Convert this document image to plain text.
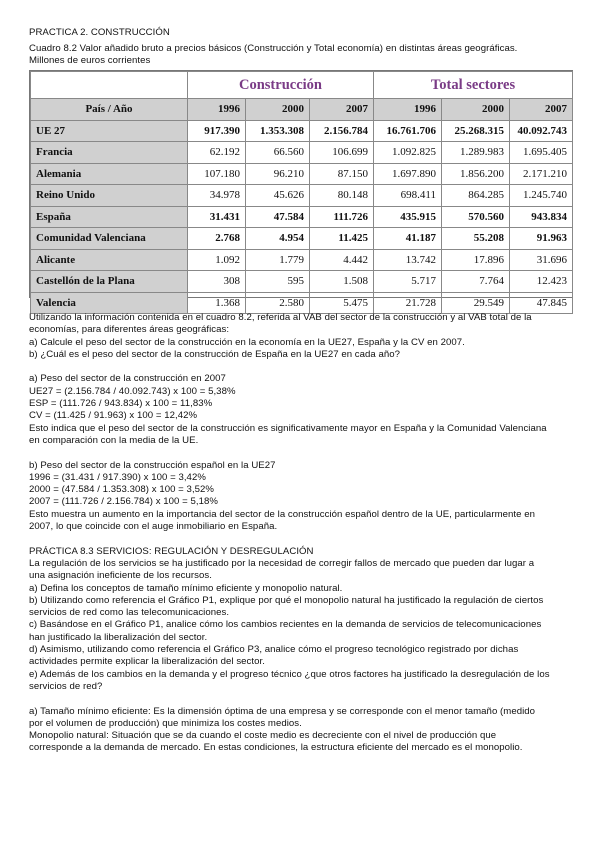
PRACTICA 2. CONSTRUCCIÓN
Cuadro 8.2 Valor añadido bruto a precios básicos (Construcción y Total economía) en distintas áreas geográficas.
Millones de euros corrientes
	Construcción			Total sectores		
País / Año	1996	2000	2007	1996	2000	2007
UE 27	917.390	1.353.308	2.156.784	16.761.706	25.268.315	40.092.743
Francia	62.192	66.560	106.699	1.092.825	1.289.983	1.695.405
Alemania	107.180	96.210	87.150	1.697.890	1.856.200	2.171.210
Reino Unido	34.978	45.626	80.148	698.411	864.285	1.245.740
España	31.431	47.584	111.726	435.915	570.560	943.834
Comunidad Valenciana	2.768	4.954	11.425	41.187	55.208	91.963
Alicante	1.092	1.779	4.442	13.742	17.896	31.696
Castellón de la Plana	308	595	1.508	5.717	7.764	12.423
Valencia	1.368	2.580	5.475	21.728	29.549	47.845
Utilizando la información contenida en el cuadro 8.2, referida al VAB del sector de la construcción y al VAB total de la
economías, para diferentes áreas geográficas:
a) Calcule el peso del sector de la construcción en la economía en la UE27, España y la CV en 2007.
b) ¿Cuál es el peso del sector de la construcción de España en la UE27 en cada año?
a) Peso del sector de la construcción en 2007
UE27 = (2.156.784 / 40.092.743) x 100 = 5,38%
ESP = (111.726 / 943.834) x 100 = 11,83%
CV = (11.425 / 91.963) x 100 = 12,42%
Esto indica que el peso del sector de la construcción es significativamente mayor en España y la Comunidad Valenciana
en comparación con la media de la UE.
b) Peso del sector de la construcción español en la UE27
1996 = (31.431 / 917.390) x 100 = 3,42%
2000 = (47.584 / 1.353.308) x 100 = 3,52%
2007 = (111.726 / 2.156.784) x 100 = 5,18%
Esto muestra un aumento en la importancia del sector de la construcción español dentro de la UE, particularmente en
2007, lo que coincide con el auge inmobiliario en España.
PRÁCTICA 8.3 SERVICIOS: REGULACIÓN Y DESREGULACIÓN
La regulación de los servicios se ha justificado por la necesidad de corregir fallos de mercado que pueden dar lugar a
una asignación ineficiente de los recursos.
a) Defina los conceptos de tamaño mínimo eficiente y monopolio natural.
b) Utilizando como referencia el Gráfico P1, explique por qué el monopolio natural ha justificado la regulación de ciertos
servicios de red como las telecomunicaciones.
c) Basándose en el Gráfico P1, analice cómo los cambios recientes en la demanda de servicios de telecomunicaciones
han justificado la liberalización del sector.
d) Asimismo, utilizando como referencia el Gráfico P3, analice cómo el progreso tecnológico registrado por dichas
actividades permite explicar la liberalización del sector.
e) Además de los cambios en la demanda y el progreso técnico ¿que otros factores ha justificado la desregulación de los
servicios de red?
a) Tamaño mínimo eficiente: Es la dimensión óptima de una empresa y se corresponde con el menor tamaño (medido
por el volumen de producción) que minimiza los costes medios.
Monopolio natural: Situación que se da cuando el coste medio es decreciente con el nivel de producción que
corresponde a la demanda de mercado. En estas condiciones, la estructura eficiente del mercado es el monopolio.
